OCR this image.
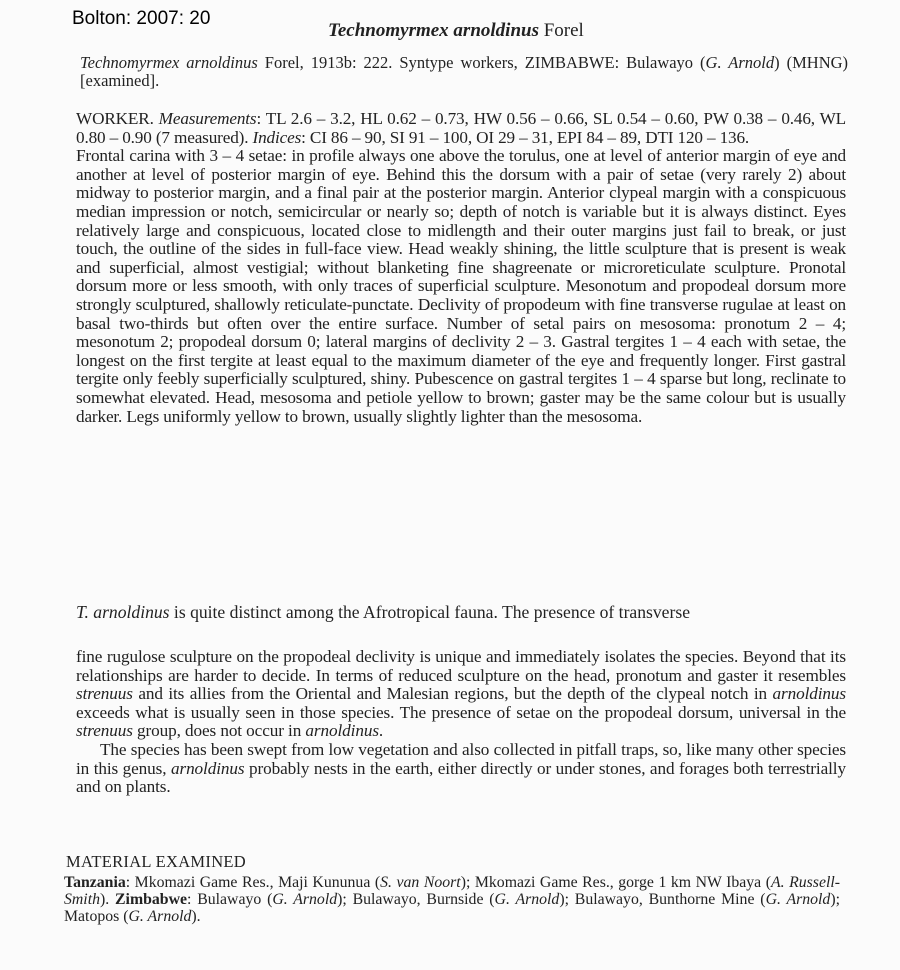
Bolton: 2007: 20
Technomyrmex arnoldinus Forel

Technomyrmex arnoldinus Forel, 1913b: 222. Syntype workers, ZIMBABWE: Bulawayo (G. Arnold) (MHNG) [examined].

WORKER. Measurements: TL 2.6 – 3.2, HL 0.62 – 0.73, HW 0.56 – 0.66, SL 0.54 – 0.60, PW 0.38 – 0.46, WL 0.80 – 0.90 (7 measured). Indices: CI 86 – 90, SI 91 – 100, OI 29 – 31, EPI 84 – 89, DTI 120 – 136.

Frontal carina with 3 – 4 setae: in profile always one above the torulus, one at level of anterior margin of eye and another at level of posterior margin of eye. Behind this the dorsum with a pair of setae (very rarely 2) about midway to posterior margin, and a final pair at the posterior margin. Anterior clypeal margin with a conspicuous median impression or notch, semicircular or nearly so; depth of notch is variable but it is always distinct. Eyes relatively large and conspicuous, located close to midlength and their outer margins just fail to break, or just touch, the outline of the sides in full-face view. Head weakly shining, the little sculpture that is present is weak and superficial, almost vestigial; without blanketing fine shagreenate or microreticulate sculpture. Pronotal dorsum more or less smooth, with only traces of superficial sculpture. Mesonotum and propodeal dorsum more strongly sculptured, shallowly reticulate-punctate. Declivity of propodeum with fine transverse rugulae at least on basal two-thirds but often over the entire surface. Number of setal pairs on mesosoma: pronotum 2 – 4; mesonotum 2; propodeal dorsum 0; lateral margins of declivity 2 – 3. Gastral tergites 1 – 4 each with setae, the longest on the first tergite at least equal to the maximum diameter of the eye and frequently longer. First gastral tergite only feebly superficially sculptured, shiny. Pubescence on gastral tergites 1 – 4 sparse but long, reclinate to somewhat elevated. Head, mesosoma and petiole yellow to brown; gaster may be the same colour but is usually darker. Legs uniformly yellow to brown, usually slightly lighter than the mesosoma.

T. arnoldinus is quite distinct among the Afrotropical fauna. The presence of transverse

fine rugulose sculpture on the propodeal declivity is unique and immediately isolates the species. Beyond that its relationships are harder to decide. In terms of reduced sculpture on the head, pronotum and gaster it resembles strenuus and its allies from the Oriental and Malesian regions, but the depth of the clypeal notch in arnoldinus exceeds what is usually seen in those species. The presence of setae on the propodeal dorsum, universal in the strenuus group, does not occur in arnoldinus.

The species has been swept from low vegetation and also collected in pitfall traps, so, like many other species in this genus, arnoldinus probably nests in the earth, either directly or under stones, and forages both terrestrially and on plants.

MATERIAL EXAMINED

Tanzania: Mkomazi Game Res., Maji Kununua (S. van Noort); Mkomazi Game Res., gorge 1 km NW Ibaya (A. Russell-Smith). Zimbabwe: Bulawayo (G. Arnold); Bulawayo, Burnside (G. Arnold); Bulawayo, Bunthorne Mine (G. Arnold); Matopos (G. Arnold).
